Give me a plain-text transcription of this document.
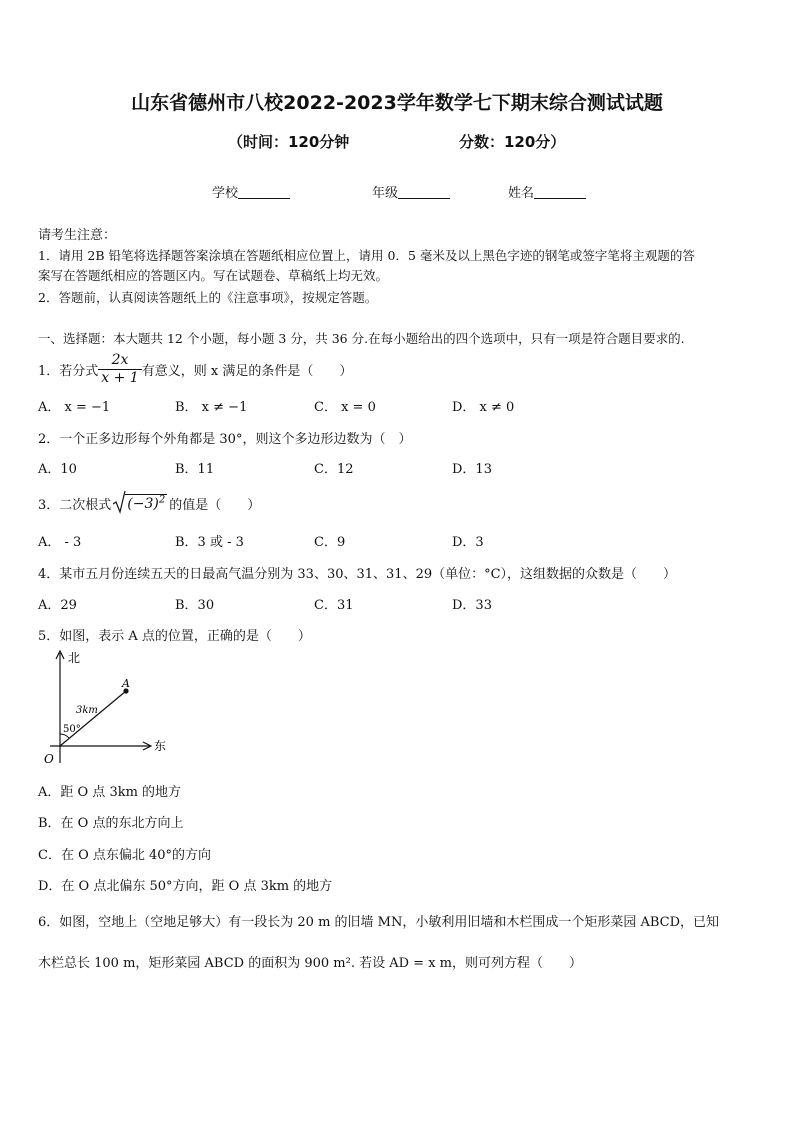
山东省德州市八校2022-2023学年数学七下期末综合测试试题
（时间：120分钟	分数：120分）
学校	年级	姓名
请考生注意：
1．请用 2B 铅笔将选择题答案涂填在答题纸相应位置上，请用 0．5 毫米及以上黑色字迹的钢笔或签字笔将主观题的答
案写在答题纸相应的答题区内。写在试题卷、草稿纸上均无效。
2．答题前，认真阅读答题纸上的《注意事项》，按规定答题。
一、选择题：本大题共 12 个小题，每小题 3 分，共 36 分.在每小题给出的四个选项中，只有一项是符合题目要求的.
1．若分式 $\frac{2x}{x + 1}$ 有意义，则 x 满足的条件是（　　）
A． x = −1	B． x ≠ −1	C． x = 0	D． x ≠ 0
2．一个正多边形每个外角都是 30°，则这个多边形边数为（　）
A．10	B．11	C．12	D．13
3．二次根式	$(-3)^2$ 的值是（　　）
A． - 3	B．3 或 - 3	C．9	D．3
4．某市五月份连续五天的日最高气温分别为 33、30、31、31、29（单位：°C），这组数据的众数是（　　）
A．29	B．30	C．31	D．33
5．如图，表示 A 点的位置，正确的是（　　）
北
东
O
A
3km
50°
A．距 O 点 3km 的地方
B．在 O 点的东北方向上
C．在 O 点东偏北 40°的方向
D．在 O 点北偏东 50°方向，距 O 点 3km 的地方
6．如图，空地上（空地足够大）有一段长为 20 m 的旧墙 MN，小敏利用旧墙和木栏围成一个矩形菜园 ABCD，已知
木栏总长 100 m，矩形菜园 ABCD 的面积为 900 m². 若设 AD = x m，则可列方程（　　）
